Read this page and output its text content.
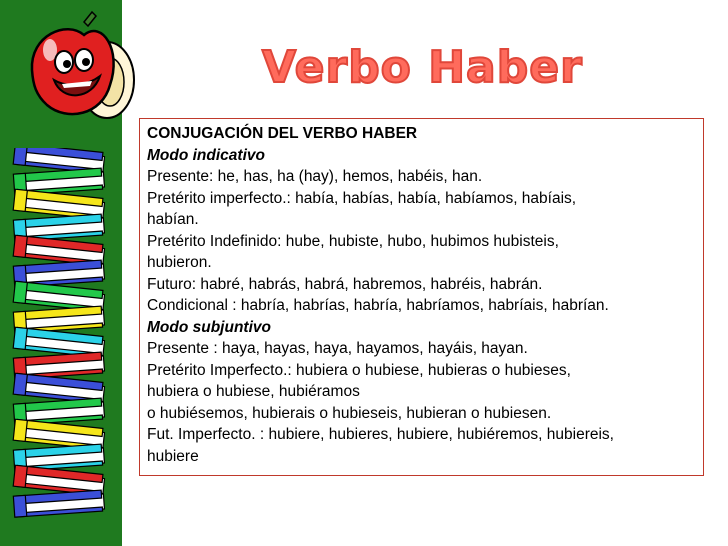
Verbo Haber
CONJUGACIÓN DEL VERBO HABER
Modo indicativo
Presente: he, has, ha (hay), hemos, habéis, han.
Pretérito imperfecto.: había, habías, había, habíamos, habíais,
habían.
Pretérito Indefinido: hube, hubiste, hubo, hubimos hubisteis,
hubieron.
Futuro: habré, habrás, habrá, habremos, habréis, habrán.
Condicional : habría, habrías, habría, habríamos, habríais, habrían.
Modo subjuntivo
Presente : haya, hayas, haya, hayamos, hayáis, hayan.
Pretérito Imperfecto.: hubiera o hubiese, hubieras o hubieses,
hubiera o hubiese, hubiéramos
o hubiésemos, hubierais o hubieseis, hubieran o hubiesen.
Fut. Imperfecto. : hubiere, hubieres, hubiere, hubiéremos, hubiereis,
hubiere
